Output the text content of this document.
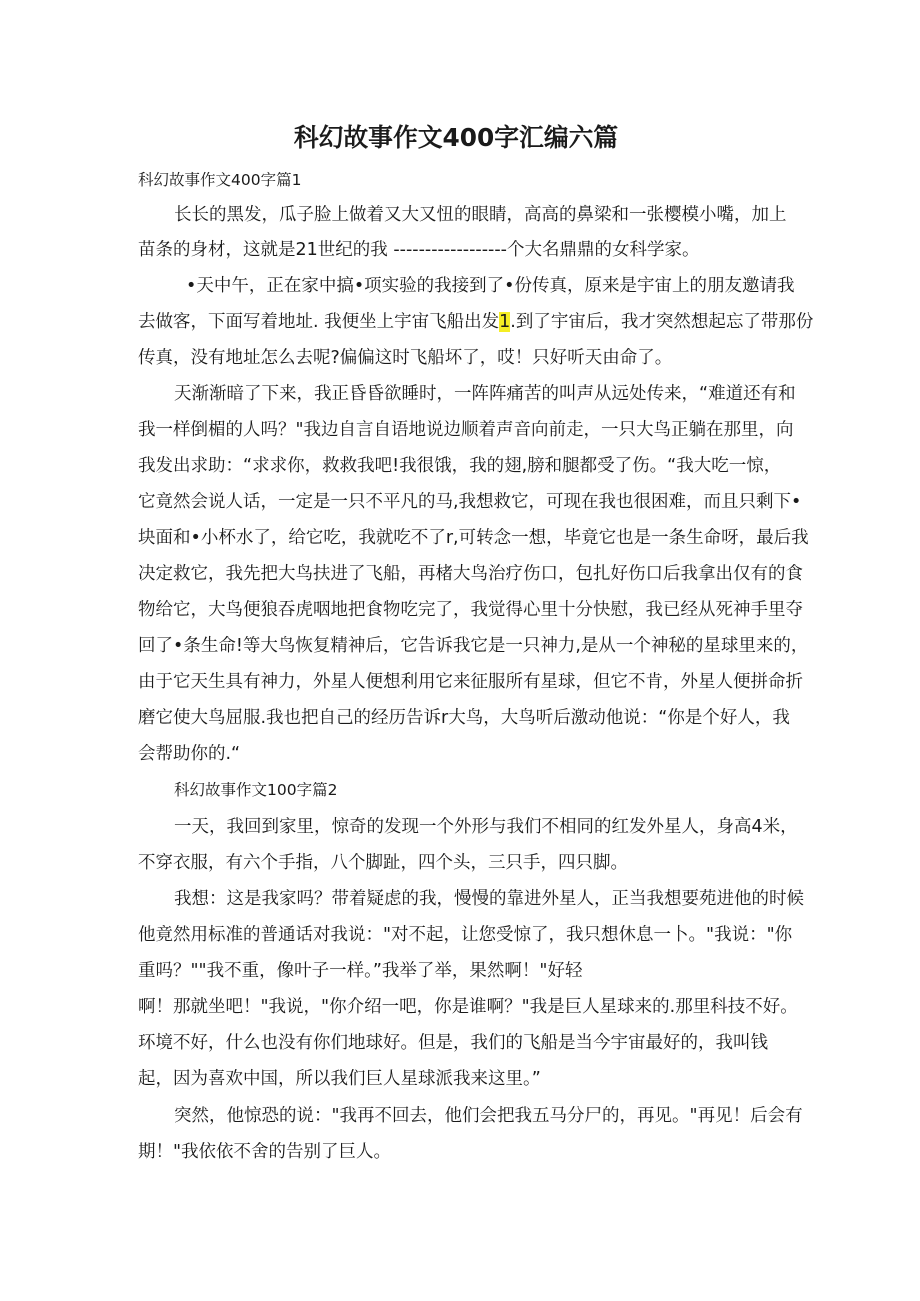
科幻故事作文400字汇编六篇
科幻故事作文400字篇1
长长的黑发，瓜子脸上做着又大又忸的眼睛，高高的鼻梁和一张樱模小嘴，加上
苗条的身材，这就是21世纪的我 ------------------个大名鼎鼎的女科学家。
•天中午，正在家中搞•项实验的我接到了•份传真，原来是宇宙上的朋友邀请我
去做客，下面写着地址. 我便坐上宇宙飞船出发1.到了宇宙后，我才突然想起忘了带那份
传真，没有地址怎么去呢?偏偏这时飞船坏了，哎！只好听天由命了。
天渐渐暗了下来，我正昏昏欲睡时，一阵阵痛苦的叫声从远处传来，“难道还有和
我一样倒楣的人吗？"我边自言自语地说边顺着声音向前走，一只大鸟正躺在那里，向
我发出求助：“求求你，救救我吧!我很饿，我的翅,膀和腿都受了伤。“我大吃一惊，
它竟然会说人话，一定是一只不平凡的马,我想救它，可现在我也很困难，而且只剩下•
块面和•小杯水了，给它吃，我就吃不了r,可转念一想，毕竟它也是一条生命呀，最后我
决定救它，我先把大鸟扶进了飞船，再楮大鸟治疗伤口，包扎好伤口后我拿出仅有的食
物给它，大鸟便狼吞虎咽地把食物吃完了，我觉得心里十分快慰，我已经从死神手里夺
回了•条生命!等大鸟恢复精神后，它告诉我它是一只神力,是从一个神秘的星球里来的，
由于它天生具有神力，外星人便想利用它来征服所有星球，但它不肯，外星人便拼命折
磨它使大鸟屈服.我也把自己的经历告诉r大鸟，大鸟听后激动他说：“你是个好人，我
会帮助你的.“
科幻故事作文100字篇2
一天，我回到家里，惊奇的发现一个外形与我们不相同的红发外星人，身高4米，
不穿衣服，有六个手指，八个脚趾，四个头，三只手，四只脚。
我想：这是我家吗？带着疑虑的我，慢慢的靠进外星人，正当我想要苑进他的时候
他竟然用标准的普通话对我说："对不起，让您受惊了，我只想休息一卜。"我说："你
重吗？""我不重，像叶子一样。”我举了举，果然啊！"好轻
啊！那就坐吧！"我说，"你介绍一吧，你是谁啊？"我是巨人星球来的.那里科技不好。
环境不好，什么也没有你们地球好。但是，我们的飞船是当今宇宙最好的，我叫钱
起，因为喜欢中国，所以我们巨人星球派我来这里。”
突然，他惊恐的说："我再不回去，他们会把我五马分尸的，再见。"再见！后会有
期！"我依依不舍的告别了巨人。
